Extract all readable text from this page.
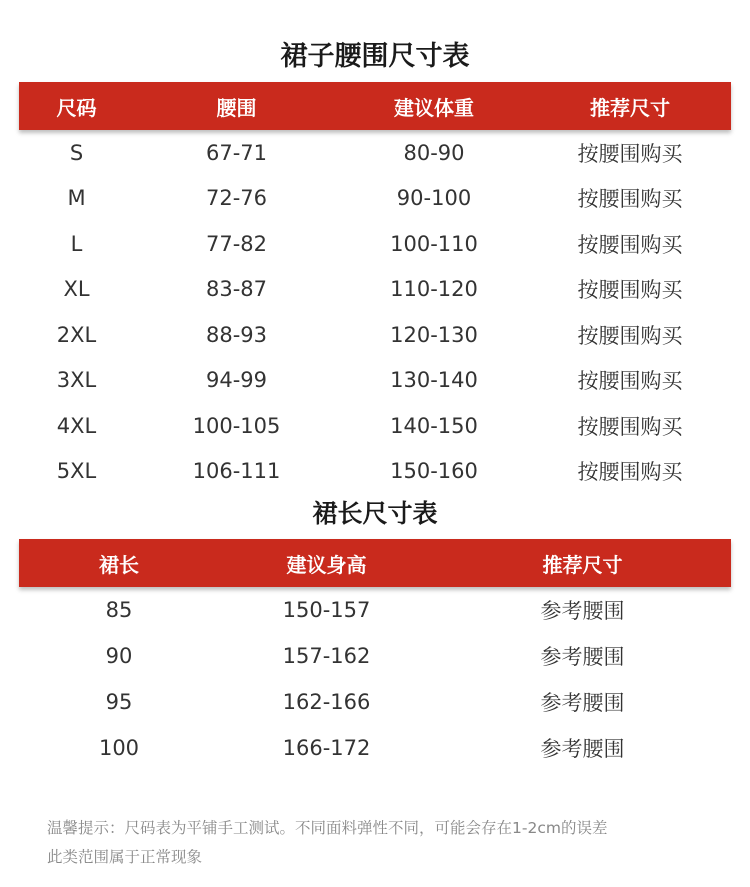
裙子腰围尺寸表
尺码	腰围	建议体重	推荐尺寸
S	67-71	80-90	按腰围购买
M	72-76	90-100	按腰围购买
L	77-82	100-110	按腰围购买
XL	83-87	110-120	按腰围购买
2XL	88-93	120-130	按腰围购买
3XL	94-99	130-140	按腰围购买
4XL	100-105	140-150	按腰围购买
5XL	106-111	150-160	按腰围购买
裙长尺寸表
裙长	建议身高	推荐尺寸
85	150-157	参考腰围
90	157-162	参考腰围
95	162-166	参考腰围
100	166-172	参考腰围
温馨提示：尺码表为平铺手工测试。不同面料弹性不同，可能会存在1-2cm的误差
此类范围属于正常现象
